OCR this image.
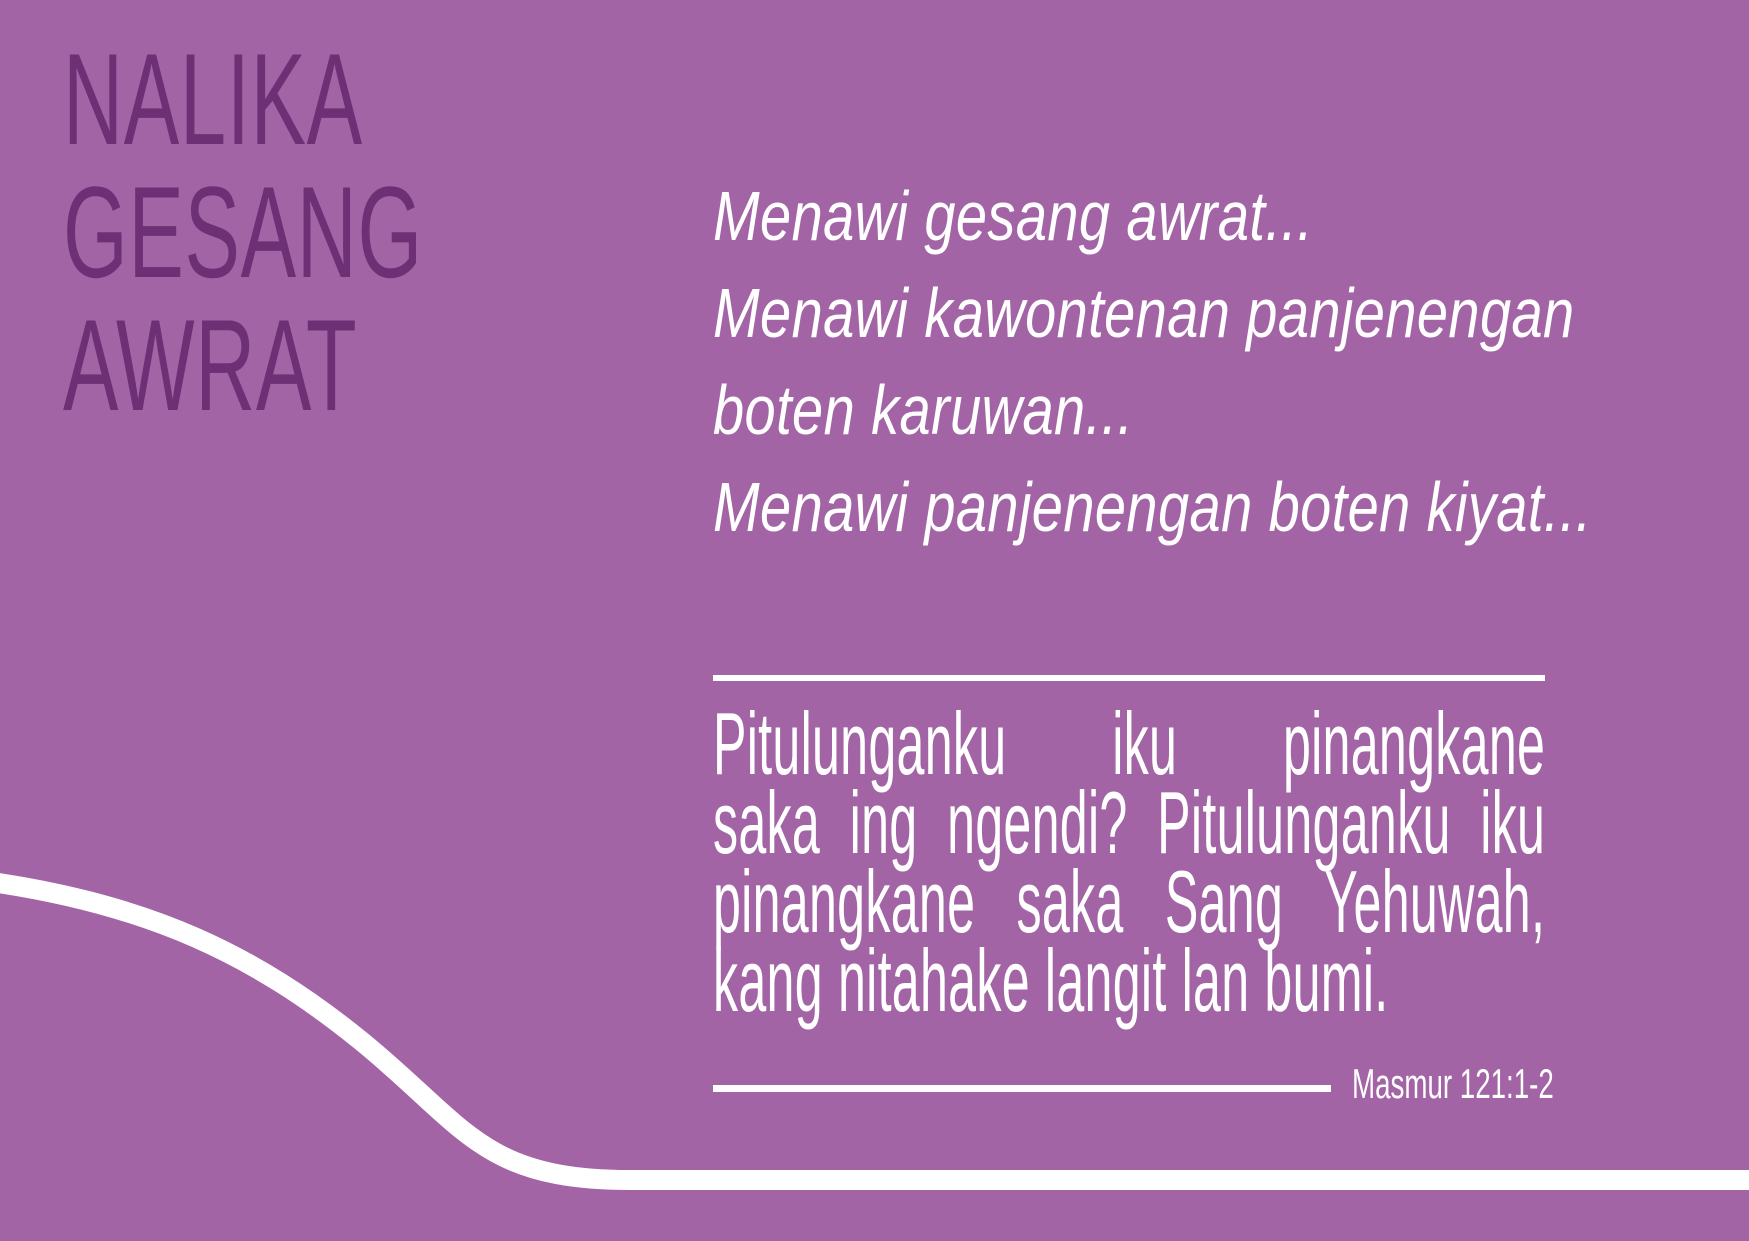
NALIKA
GESANG
AWRAT
Menawi gesang awrat...
Menawi kawontenan panjenengan
boten karuwan...
Menawi panjenengan boten kiyat...
Pitulunganku iku pinangkane
saka ing ngendi? Pitulunganku iku
pinangkane saka Sang Yehuwah,
kang nitahake langit lan bumi.
Masmur 121:1-2
